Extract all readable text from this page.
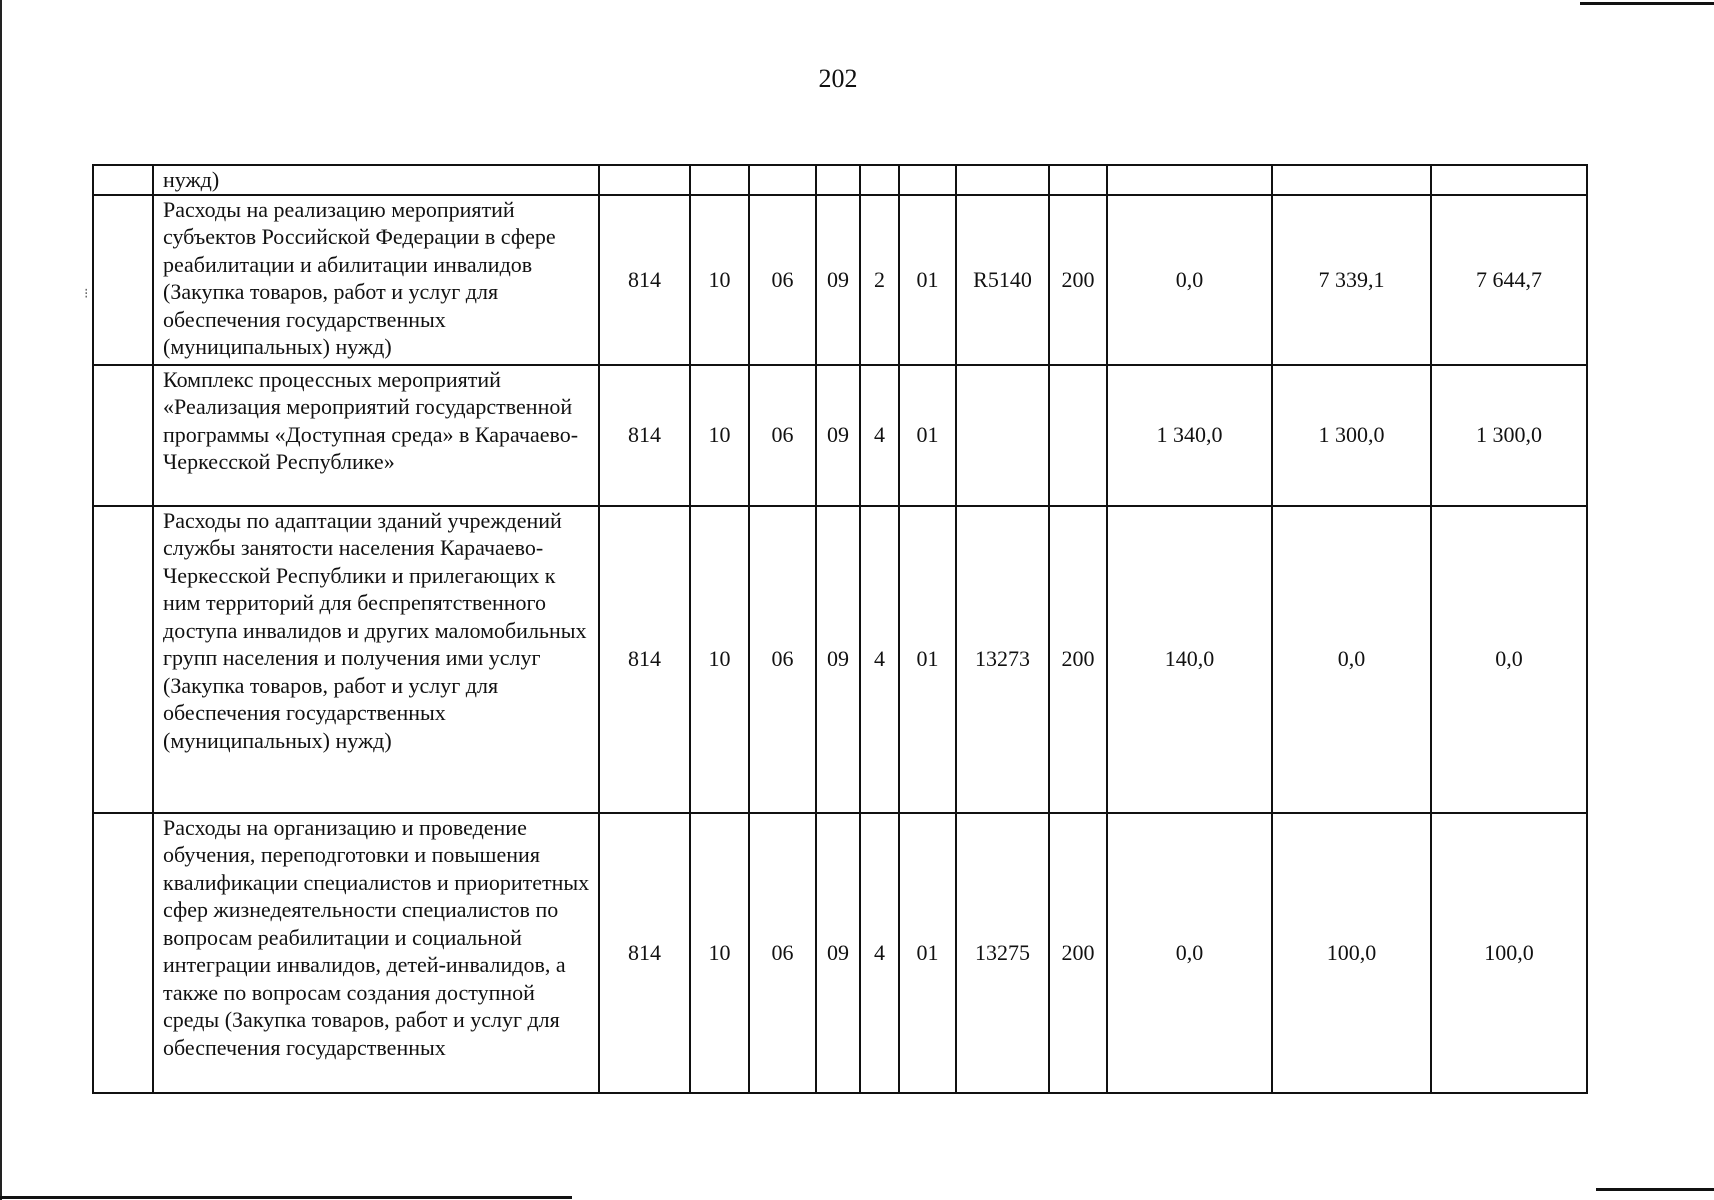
⁝
202
	нужд)											
	Расходы на реализацию мероприятий субъектов Российской Федерации в сфере реабилитации и абилитации инвалидов (Закупка товаров, работ и услуг для обеспечения государственных (муниципальных) нужд)	814	10	06	09	2	01	R5140	200	0,0	7 339,1	7 644,7
	Комплекс процессных мероприятий «Реализация мероприятий государственной программы «Доступная среда» в Карачаево-Черкесской Республике»	814	10	06	09	4	01			1 340,0	1 300,0	1 300,0
	Расходы по адаптации зданий учреждений службы занятости населения Карачаево-Черкесской Республики и прилегающих к ним территорий для беспрепятственного доступа инвалидов и других маломобильных групп населения и получения ими услуг (Закупка товаров, работ и услуг для обеспечения государственных (муниципальных) нужд)	814	10	06	09	4	01	13273	200	140,0	0,0	0,0
	Расходы на организацию и проведение обучения, переподготовки и повышения квалификации специалистов и приоритетных сфер жизнедеятельности специалистов по вопросам реабилитации и социальной интеграции инвалидов, детей-инвалидов, а также по вопросам создания доступной среды (Закупка товаров, работ и услуг для обеспечения государственных	814	10	06	09	4	01	13275	200	0,0	100,0	100,0
